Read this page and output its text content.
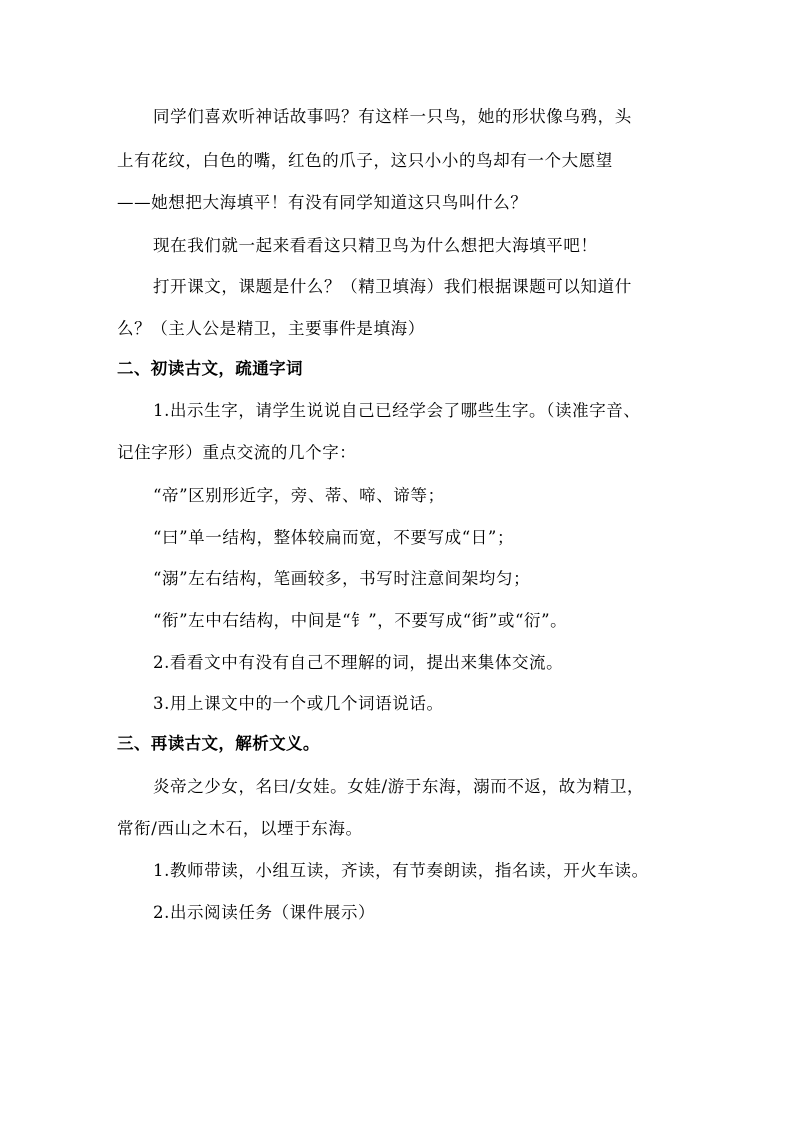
同学们喜欢听神话故事吗？有这样一只鸟，她的形状像乌鸦，头
上有花纹，白色的嘴，红色的爪子，这只小小的鸟却有一个大愿望
——她想把大海填平！有没有同学知道这只鸟叫什么？
现在我们就一起来看看这只精卫鸟为什么想把大海填平吧！
打开课文，课题是什么？（精卫填海）我们根据课题可以知道什
么？（主人公是精卫，主要事件是填海）
二、初读古文，疏通字词
1.出示生字，请学生说说自己已经学会了哪些生字。（读准字音、
记住字形）重点交流的几个字：
“帝”区别形近字，旁、蒂、啼、谛等；
“曰”单一结构，整体较扁而宽，不要写成“日”；
“溺”左右结构，笔画较多，书写时注意间架均匀；
“衔”左中右结构，中间是“钅”，不要写成“街”或“衍”。
2.看看文中有没有自己不理解的词，提出来集体交流。
3.用上课文中的一个或几个词语说话。
三、再读古文，解析文义。
炎帝之少女，名曰/女娃。女娃/游于东海，溺而不返，故为精卫，
常衔/西山之木石，以堙于东海。
1.教师带读，小组互读，齐读，有节奏朗读，指名读，开火车读。
2.出示阅读任务（课件展示）
